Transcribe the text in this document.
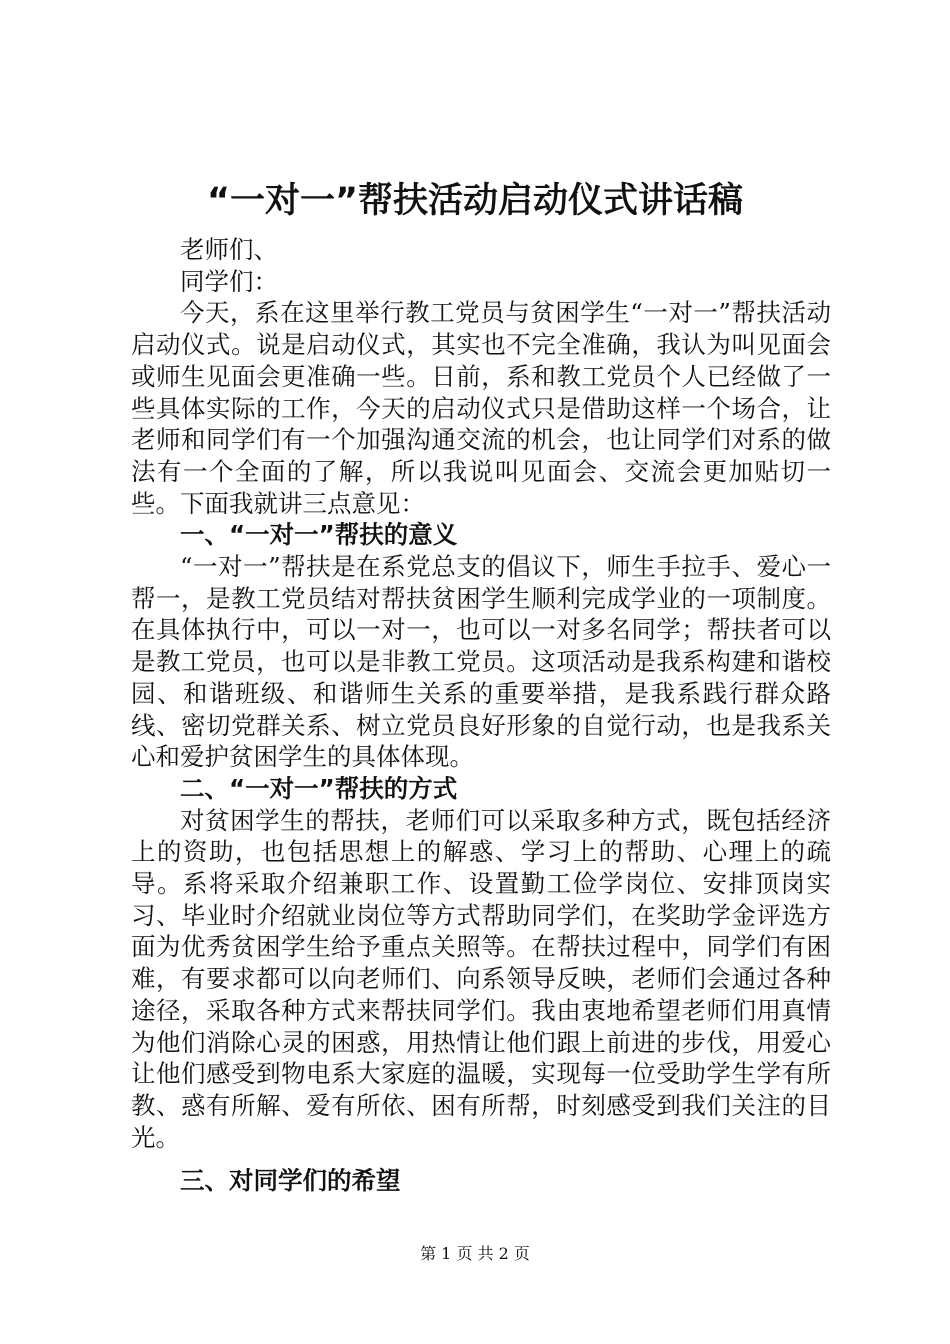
“一对一”帮扶活动启动仪式讲话稿

老师们、

同学们：

今天，系在这里举行教工党员与贫困学生“一对一”帮扶活动启动仪式。说是启动仪式，其实也不完全准确，我认为叫见面会或师生见面会更准确一些。日前，系和教工党员个人已经做了一些具体实际的工作，今天的启动仪式只是借助这样一个场合，让老师和同学们有一个加强沟通交流的机会，也让同学们对系的做法有一个全面的了解，所以我说叫见面会、交流会更加贴切一些。下面我就讲三点意见：

一、“一对一”帮扶的意义

“一对一”帮扶是在系党总支的倡议下，师生手拉手、爱心一帮一，是教工党员结对帮扶贫困学生顺利完成学业的一项制度。在具体执行中，可以一对一，也可以一对多名同学；帮扶者可以是教工党员，也可以是非教工党员。这项活动是我系构建和谐校园、和谐班级、和谐师生关系的重要举措，是我系践行群众路线、密切党群关系、树立党员良好形象的自觉行动，也是我系关心和爱护贫困学生的具体体现。

二、“一对一”帮扶的方式

对贫困学生的帮扶，老师们可以采取多种方式，既包括经济上的资助，也包括思想上的解惑、学习上的帮助、心理上的疏导。系将采取介绍兼职工作、设置勤工俭学岗位、安排顶岗实习、毕业时介绍就业岗位等方式帮助同学们，在奖助学金评选方面为优秀贫困学生给予重点关照等。在帮扶过程中，同学们有困难，有要求都可以向老师们、向系领导反映，老师们会通过各种途径，采取各种方式来帮扶同学们。我由衷地希望老师们用真情为他们消除心灵的困惑，用热情让他们跟上前进的步伐，用爱心让他们感受到物电系大家庭的温暖，实现每一位受助学生学有所教、惑有所解、爱有所依、困有所帮，时刻感受到我们关注的目光。

三、对同学们的希望
第 1 页 共 2 页
